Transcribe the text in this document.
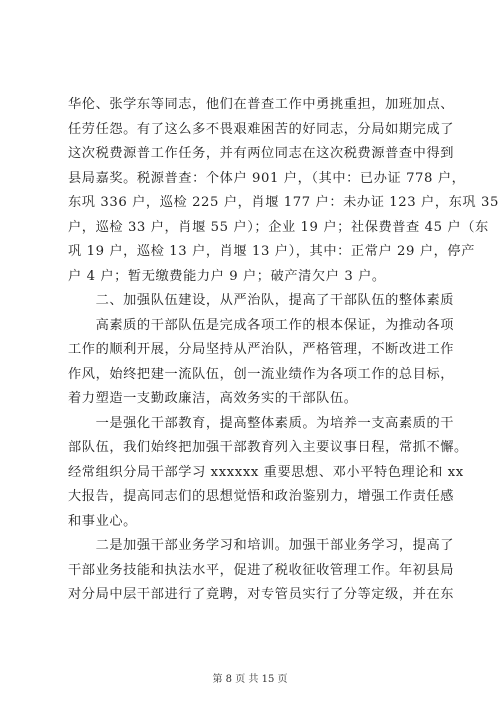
华伦、张学东等同志，他们在普查工作中勇挑重担，加班加点、
任劳任怨。有了这么多不畏艰难困苦的好同志，分局如期完成了
这次税费源普工作任务，并有两位同志在这次税费源普查中得到
县局嘉奖。税源普查：个体户 901 户，（其中：已办证 778 户，
东巩 336 户，巡检 225 户，肖堰 177 户：未办证 123 户，东巩 35
户，巡检 33 户，肖堰 55 户）；企业 19 户；社保费普查 45 户（东
巩 19 户，巡检 13 户，肖堰 13 户），其中：正常户 29 户，停产
户 4 户；暂无缴费能力户 9 户；破产清欠户 3 户。
　　二、加强队伍建设，从严治队，提高了干部队伍的整体素质
　　高素质的干部队伍是完成各项工作的根本保证，为推动各项
工作的顺利开展，分局坚持从严治队，严格管理，不断改进工作
作风，始终把建一流队伍，创一流业绩作为各项工作的总目标，
着力塑造一支勤政廉洁，高效务实的干部队伍。
　　一是强化干部教育，提高整体素质。为培养一支高素质的干
部队伍，我们始终把加强干部教育列入主要议事日程，常抓不懈。
经常组织分局干部学习 xxxxxx 重要思想、邓小平特色理论和 xx
大报告，提高同志们的思想觉悟和政治鉴别力，增强工作责任感
和事业心。
　　二是加强干部业务学习和培训。加强干部业务学习，提高了
干部业务技能和执法水平，促进了税收征收管理工作。年初县局
对分局中层干部进行了竟聘，对专管员实行了分等定级，并在东
第 8 页 共 15 页
